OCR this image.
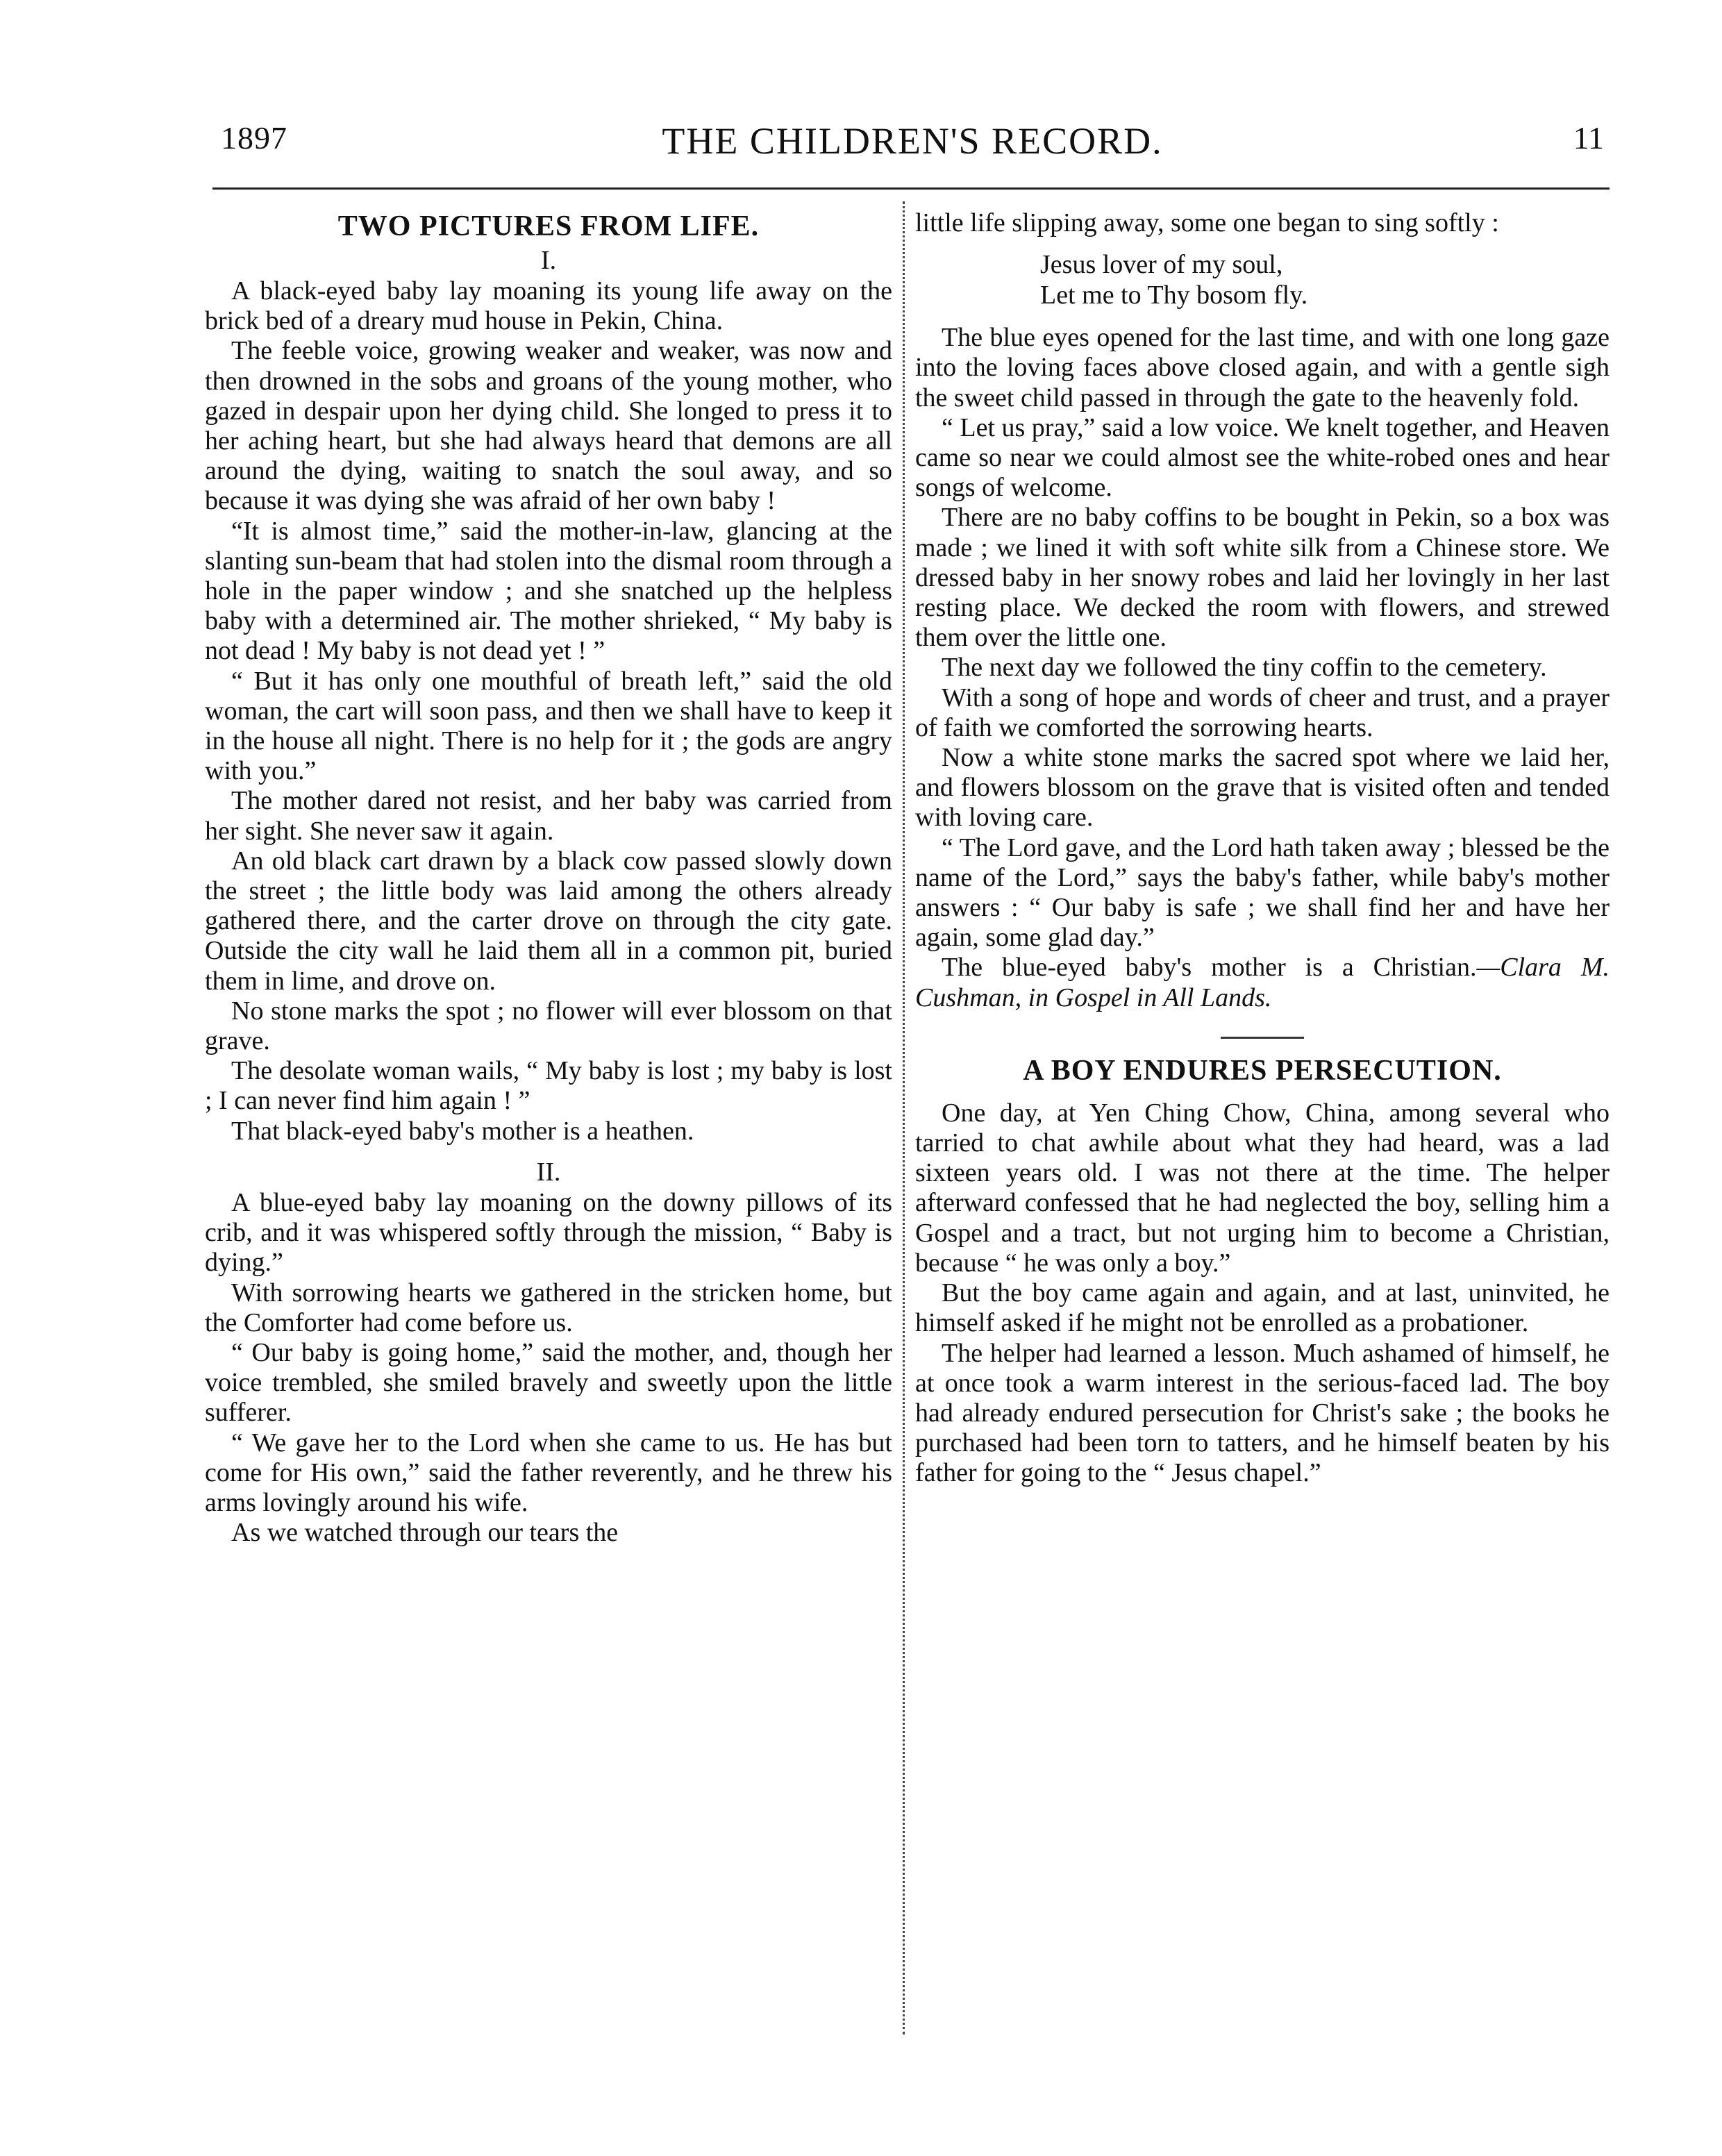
1897	THE CHILDREN'S RECORD.	11
TWO PICTURES FROM LIFE.
I.

A black-eyed baby lay moaning its young life away on the brick bed of a dreary mud house in Pekin, China.

The feeble voice, growing weaker and weaker, was now and then drowned in the sobs and groans of the young mother, who gazed in despair upon her dying child. She longed to press it to her aching heart, but she had always heard that demons are all around the dying, waiting to snatch the soul away, and so because it was dying she was afraid of her own baby !

“It is almost time,” said the mother-in-law, glancing at the slanting sun-beam that had stolen into the dismal room through a hole in the paper window ; and she snatched up the helpless baby with a determined air. The mother shrieked, “ My baby is not dead ! My baby is not dead yet ! ”

“ But it has only one mouthful of breath left,” said the old woman, the cart will soon pass, and then we shall have to keep it in the house all night. There is no help for it ; the gods are angry with you.”

The mother dared not resist, and her baby was carried from her sight. She never saw it again.

An old black cart drawn by a black cow passed slowly down the street ; the little body was laid among the others already gathered there, and the carter drove on through the city gate. Outside the city wall he laid them all in a common pit, buried them in lime, and drove on.

No stone marks the spot ; no flower will ever blossom on that grave.

The desolate woman wails, “ My baby is lost ; my baby is lost ; I can never find him again ! ”

That black-eyed baby's mother is a heathen.

II.

A blue-eyed baby lay moaning on the downy pillows of its crib, and it was whispered softly through the mission, “ Baby is dying.”

With sorrowing hearts we gathered in the stricken home, but the Comforter had come before us.

“ Our baby is going home,” said the mother, and, though her voice trembled, she smiled bravely and sweetly upon the little sufferer.

“ We gave her to the Lord when she came to us. He has but come for His own,” said the father reverently, and he threw his arms lovingly around his wife.

As we watched through our tears the

little life slipping away, some one began to sing softly :

Jesus lover of my soul,
Let me to Thy bosom fly.

The blue eyes opened for the last time, and with one long gaze into the loving faces above closed again, and with a gentle sigh the sweet child passed in through the gate to the heavenly fold.

“ Let us pray,” said a low voice. We knelt together, and Heaven came so near we could almost see the white-robed ones and hear songs of welcome.

There are no baby coffins to be bought in Pekin, so a box was made ; we lined it with soft white silk from a Chinese store. We dressed baby in her snowy robes and laid her lovingly in her last resting place. We decked the room with flowers, and strewed them over the little one.

The next day we followed the tiny coffin to the cemetery.

With a song of hope and words of cheer and trust, and a prayer of faith we comforted the sorrowing hearts.

Now a white stone marks the sacred spot where we laid her, and flowers blossom on the grave that is visited often and tended with loving care.

“ The Lord gave, and the Lord hath taken away ; blessed be the name of the Lord,” says the baby's father, while baby's mother answers : “ Our baby is safe ; we shall find her and have her again, some glad day.”

The blue-eyed baby's mother is a Christian.—Clara M. Cushman, in Gospel in All Lands.

A BOY ENDURES PERSECUTION.

One day, at Yen Ching Chow, China, among several who tarried to chat awhile about what they had heard, was a lad sixteen years old. I was not there at the time. The helper afterward confessed that he had neglected the boy, selling him a Gospel and a tract, but not urging him to become a Christian, because “ he was only a boy.”

But the boy came again and again, and at last, uninvited, he himself asked if he might not be enrolled as a probationer.

The helper had learned a lesson. Much ashamed of himself, he at once took a warm interest in the serious-faced lad. The boy had already endured persecution for Christ's sake ; the books he purchased had been torn to tatters, and he himself beaten by his father for going to the “ Jesus chapel.”
